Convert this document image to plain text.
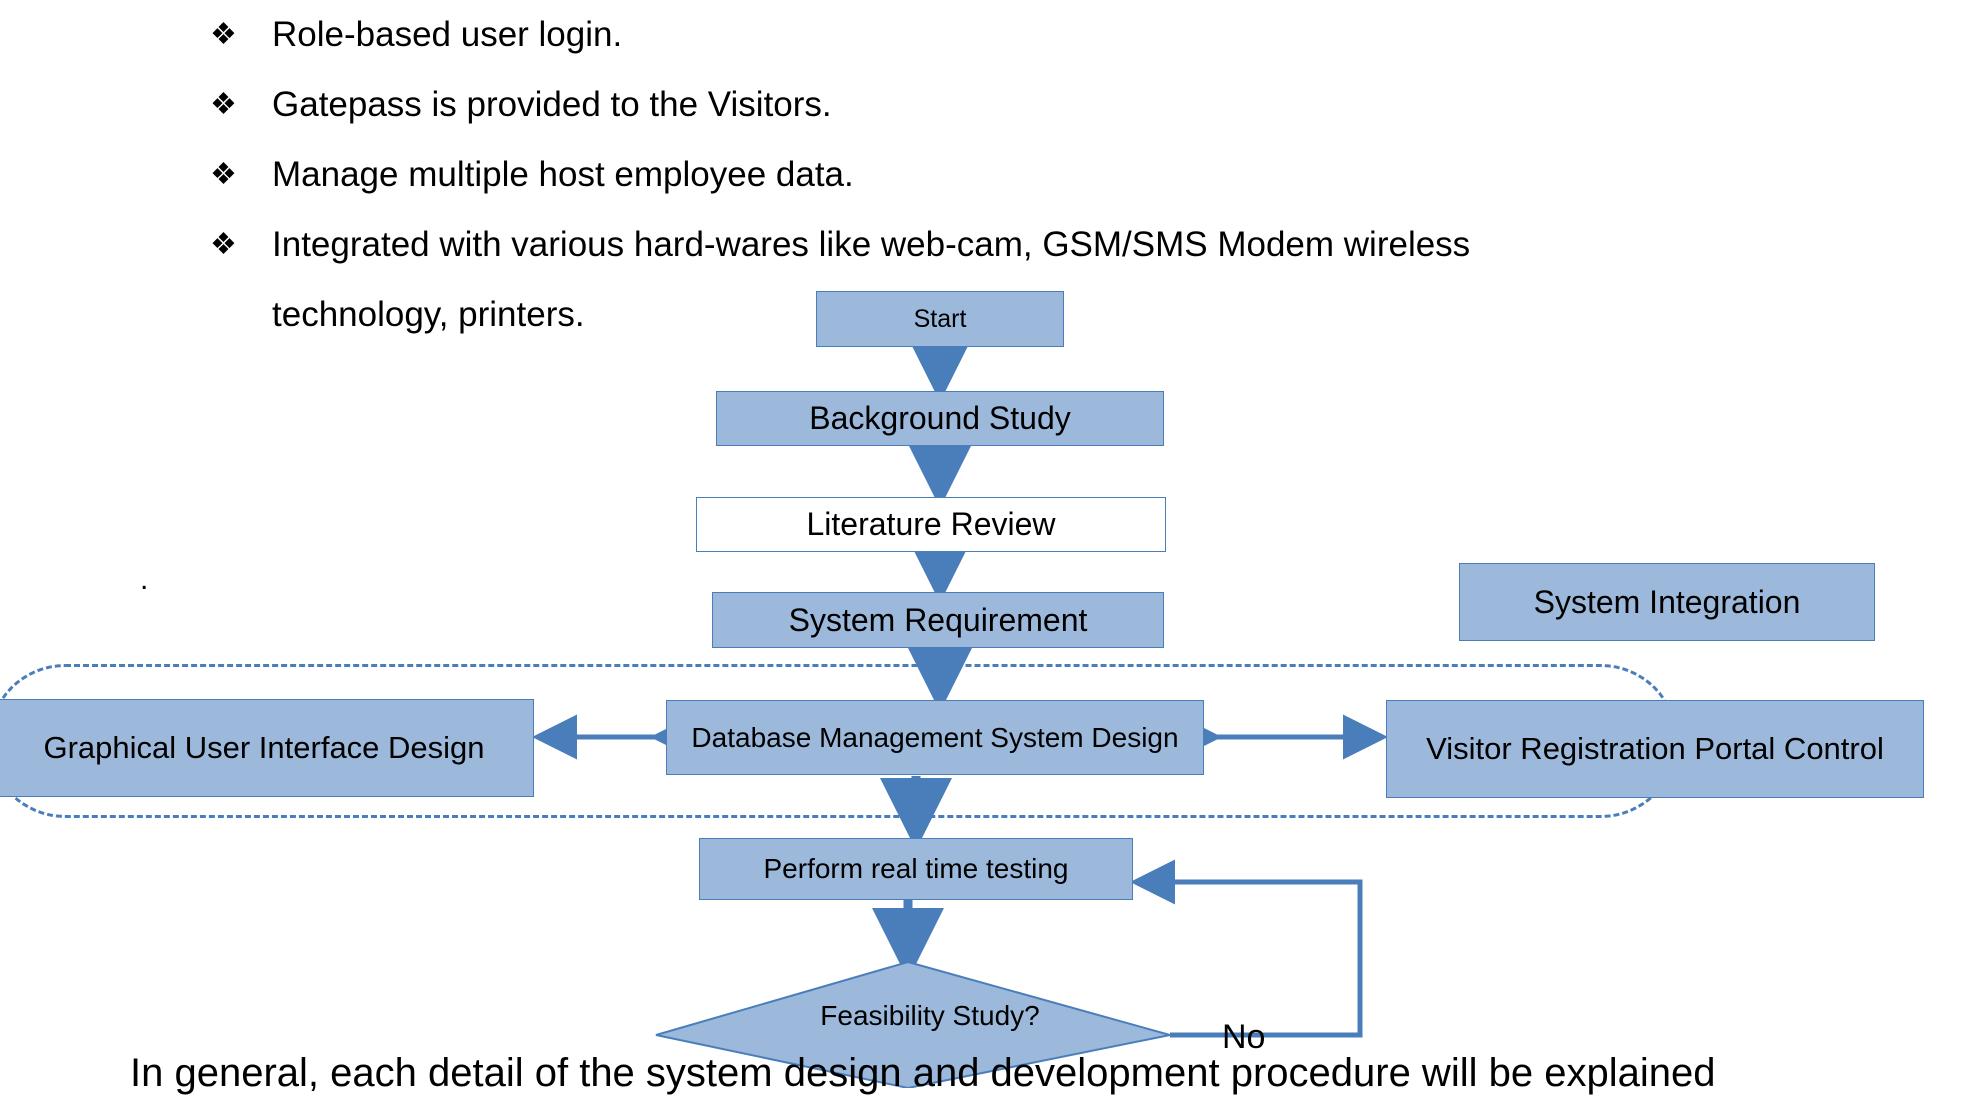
❖	Role-based user login.
❖	Gatepass is provided to the Visitors.
❖	Manage multiple host employee data.
❖	Integrated with various hard-wares like web-cam, GSM/SMS Modem wireless
technology, printers.
.
Start
Background Study
Literature Review
System Requirement	System Integration
Graphical User Interface Design	Database Management System Design	Visitor Registration Portal Control
Perform real time testing
Feasibility Study?
No
In general, each detail of the system design and development procedure will be explained
